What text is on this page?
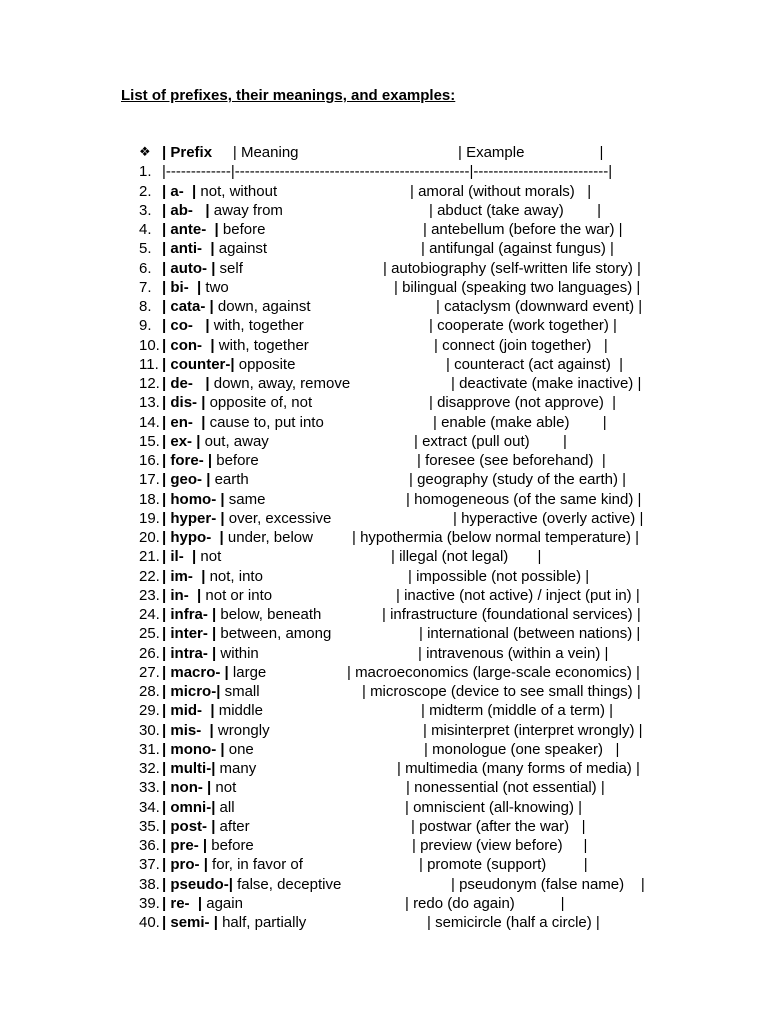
List of prefixes, their meanings, and examples:
❖ | Prefix     | Meaning	| Example                  |
1. |-------------|-----------------------------------------------|---------------------------|
2. | a-  | not, without	| amoral (without morals)   |
3. | ab-   | away from	| abduct (take away)        |
4. | ante-  | before	| antebellum (before the war) |
5. | anti-  | against	| antifungal (against fungus) |
6. | auto- | self	| autobiography (self-written life story) |
7. | bi-  | two	| bilingual (speaking two languages) |
8. | cata- | down, against	| cataclysm (downward event) |
9. | co-   | with, together	| cooperate (work together) |
10. | con-  | with, together	| connect (join together)   |
11. | counter-| opposite	| counteract (act against)  |
12. | de-   | down, away, remove	| deactivate (make inactive) |
13. | dis- | opposite of, not	| disapprove (not approve)  |
14. | en-  | cause to, put into	| enable (make able)        |
15. | ex- | out, away	| extract (pull out)        |
16. | fore- | before	| foresee (see beforehand)  |
17. | geo- | earth	| geography (study of the earth) |
18. | homo- | same	| homogeneous (of the same kind) |
19. | hyper- | over, excessive	| hyperactive (overly active) |
20. | hypo-  | under, below	| hypothermia (below normal temperature) |
21. | il-  | not	| illegal (not legal)       |
22. | im-  | not, into	| impossible (not possible) |
23. | in-  | not or into	| inactive (not active) / inject (put in) |
24. | infra- | below, beneath	| infrastructure (foundational services) |
25. | inter- | between, among	| international (between nations) |
26. | intra- | within	| intravenous (within a vein) |
27. | macro- | large	| macroeconomics (large-scale economics) |
28. | micro-| small	| microscope (device to see small things) |
29. | mid-  | middle	| midterm (middle of a term) |
30. | mis-  | wrongly	| misinterpret (interpret wrongly) |
31. | mono- | one	| monologue (one speaker)   |
32. | multi-| many	| multimedia (many forms of media) |
33. | non- | not	| nonessential (not essential) |
34. | omni-| all	| omniscient (all-knowing) |
35. | post- | after	| postwar (after the war)   |
36. | pre- | before	| preview (view before)     |
37. | pro- | for, in favor of	| promote (support)         |
38. | pseudo-| false, deceptive	| pseudonym (false name)    |
39. | re-  | again	| redo (do again)           |
40. | semi- | half, partially	| semicircle (half a circle) |
